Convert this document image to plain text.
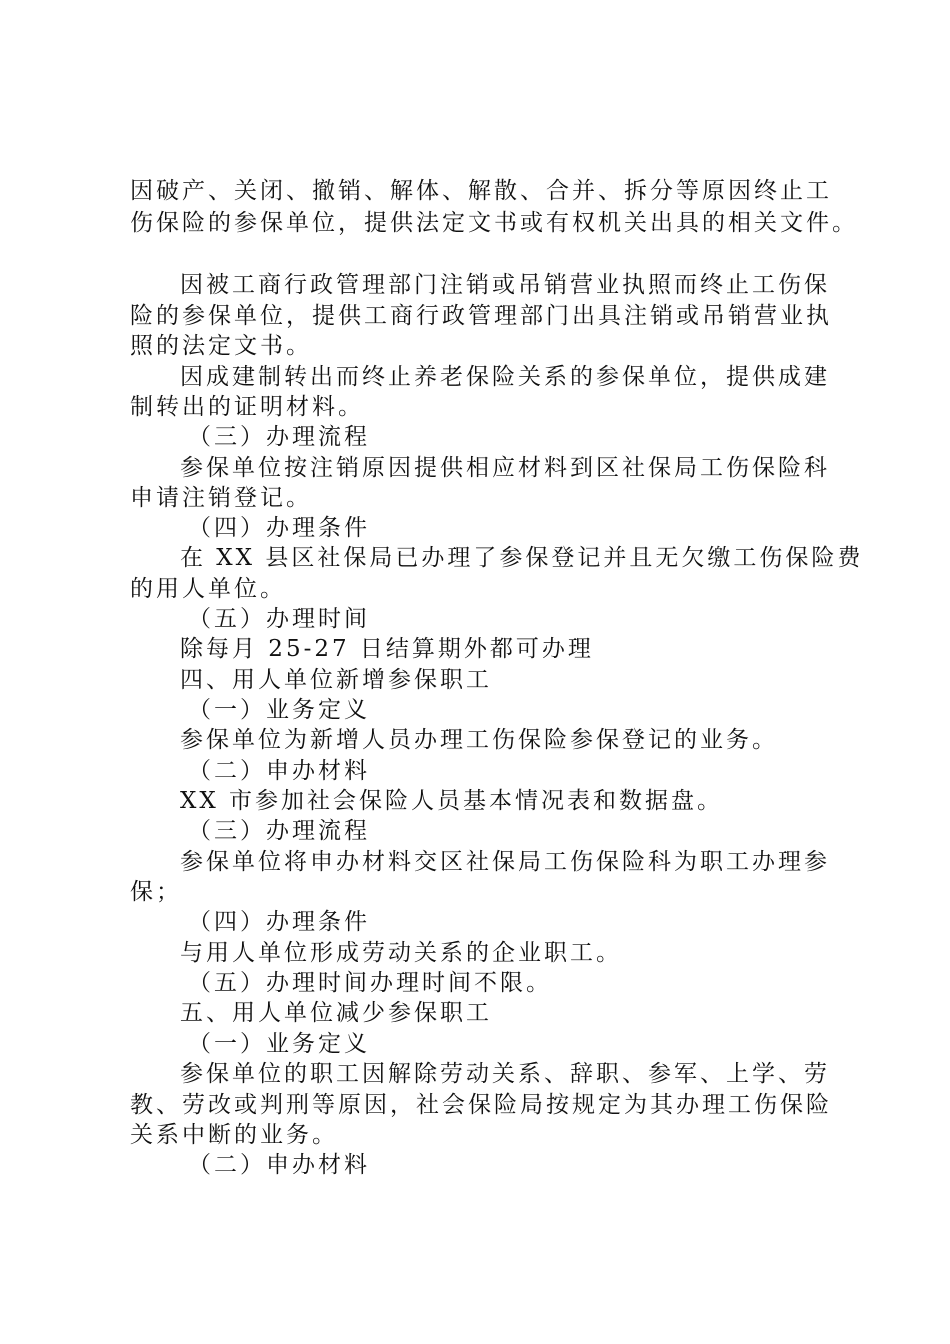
因破产、关闭、撤销、解体、解散、合并、拆分等原因终止工

伤保险的参保单位，提供法定文书或有权机关出具的相关文件。

因被工商行政管理部门注销或吊销营业执照而终止工伤保

险的参保单位，提供工商行政管理部门出具注销或吊销营业执

照的法定文书。

因成建制转出而终止养老保险关系的参保单位，提供成建

制转出的证明材料。

（三）办理流程

参保单位按注销原因提供相应材料到区社保局工伤保险科

申请注销登记。

（四）办理条件

在 XX 县区社保局已办理了参保登记并且无欠缴工伤保险费

的用人单位。

（五）办理时间

除每月 25-27 日结算期外都可办理

四、用人单位新增参保职工

（一）业务定义

参保单位为新增人员办理工伤保险参保登记的业务。

（二）申办材料

XX 市参加社会保险人员基本情况表和数据盘。

（三）办理流程

参保单位将申办材料交区社保局工伤保险科为职工办理参

保；

（四）办理条件

与用人单位形成劳动关系的企业职工。

（五）办理时间办理时间不限。

五、用人单位减少参保职工

（一）业务定义

参保单位的职工因解除劳动关系、辞职、参军、上学、劳

教、劳改或判刑等原因，社会保险局按规定为其办理工伤保险

关系中断的业务。

（二）申办材料
